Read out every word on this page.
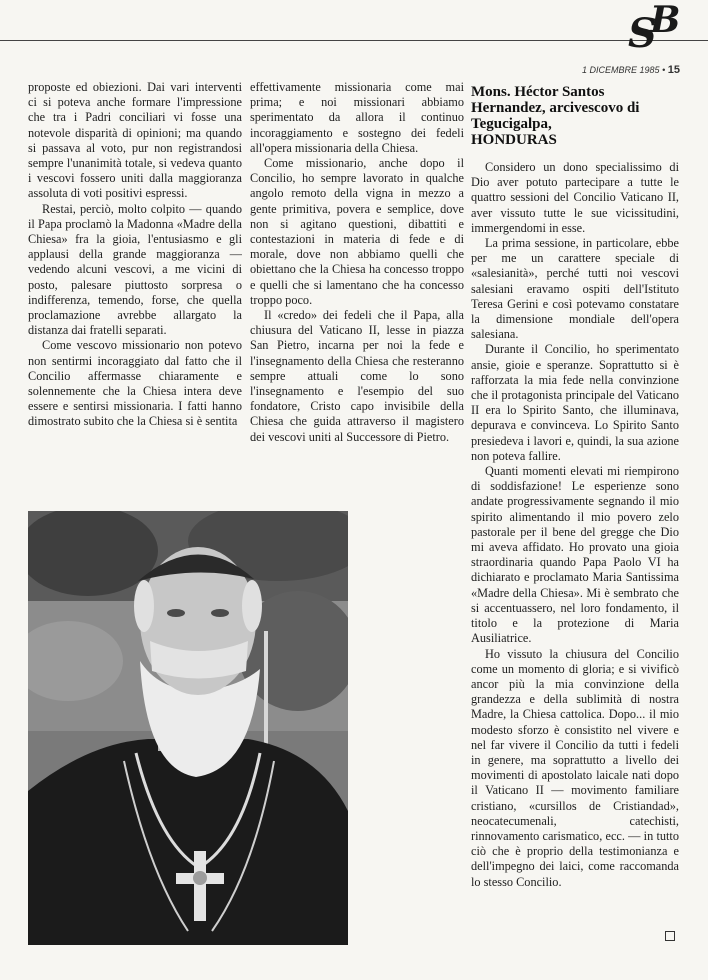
S
B
1 DICEMBRE 1985 • 15

proposte ed obiezioni. Dai vari interventi ci si poteva anche formare l'impressione che tra i Padri conciliari vi fosse una notevole disparità di opinioni; ma quando si passava al voto, pur non registrandosi sempre l'unanimità totale, si vedeva quanto i vescovi fossero uniti dalla maggioranza assoluta di voti positivi espressi.

Restai, perciò, molto colpito — quando il Papa proclamò la Madonna «Madre della Chiesa» fra la gioia, l'entusiasmo e gli applausi della grande maggioranza — vedendo alcuni vescovi, a me vicini di posto, palesare piuttosto sorpresa o indifferenza, temendo, forse, che quella proclamazione avrebbe allargato la distanza dai fratelli separati.

Come vescovo missionario non potevo non sentirmi incoraggiato dal fatto che il Concilio affermasse chiaramente e solennemente che la Chiesa intera deve essere e sentirsi missionaria. I fatti hanno dimostrato subito che la Chiesa si è sentita

effettivamente missionaria come mai prima; e noi missionari abbiamo sperimentato da allora il continuo incoraggiamento e sostegno dei fedeli all'opera missionaria della Chiesa.

Come missionario, anche dopo il Concilio, ho sempre lavorato in qualche angolo remoto della vigna in mezzo a gente primitiva, povera e semplice, dove non si agitano questioni, dibattiti e contestazioni in materia di fede e di morale, dove non abbiamo quelli che obiettano che la Chiesa ha concesso troppo e quelli che si lamentano che ha concesso troppo poco.

Il «credo» dei fedeli che il Papa, alla chiusura del Vaticano II, lesse in piazza San Pietro, incarna per noi la fede e l'insegnamento della Chiesa che resteranno sempre attuali come lo sono l'insegnamento e l'esempio del suo fondatore, Cristo capo invisibile della Chiesa che guida attraverso il magistero dei vescovi uniti al Successore di Pietro.

Mons. Héctor Santos
Hernandez, arcivescovo di
Tegucigalpa,
HONDURAS

Considero un dono specialissimo di Dio aver potuto partecipare a tutte le quattro sessioni del Concilio Vaticano II, aver vissuto tutte le sue vicissitudini, immergendomi in esse.

La prima sessione, in particolare, ebbe per me un carattere speciale di «salesianità», perché tutti noi vescovi salesiani eravamo ospiti dell'Istituto Teresa Gerini e così potevamo constatare la dimensione mondiale dell'opera salesiana.

Durante il Concilio, ho sperimentato ansie, gioie e speranze. Soprattutto si è rafforzata la mia fede nella convinzione che il protagonista principale del Vaticano II era lo Spirito Santo, che illuminava, depurava e convinceva. Lo Spirito Santo presiedeva i lavori e, quindi, la sua azione non poteva fallire.

Quanti momenti elevati mi riempirono di soddisfazione! Le esperienze sono andate progressivamente segnando il mio spirito alimentando il mio povero zelo pastorale per il bene del gregge che Dio mi aveva affidato. Ho provato una gioia straordinaria quando Papa Paolo VI ha dichiarato e proclamato Maria Santissima «Madre della Chiesa». Mi è sembrato che si accentuassero, nel loro fondamento, il titolo e la protezione di Maria Ausiliatrice.

Ho vissuto la chiusura del Concilio come un momento di gloria; e si vivificò ancor più la mia convinzione della grandezza e della sublimità di nostra Madre, la Chiesa cattolica. Dopo... il mio modesto sforzo è consistito nel vivere e nel far vivere il Concilio da tutti i fedeli in genere, ma soprattutto a livello dei movimenti di apostolato laicale nati dopo il Vaticano II — movimento familiare cristiano, «cursillos de Cristiandad», neocatecumenali, catechisti, rinnovamento carismatico, ecc. — in tutto ciò che è proprio della testimonianza e dell'impegno dei laici, come raccomanda lo stesso Concilio.
